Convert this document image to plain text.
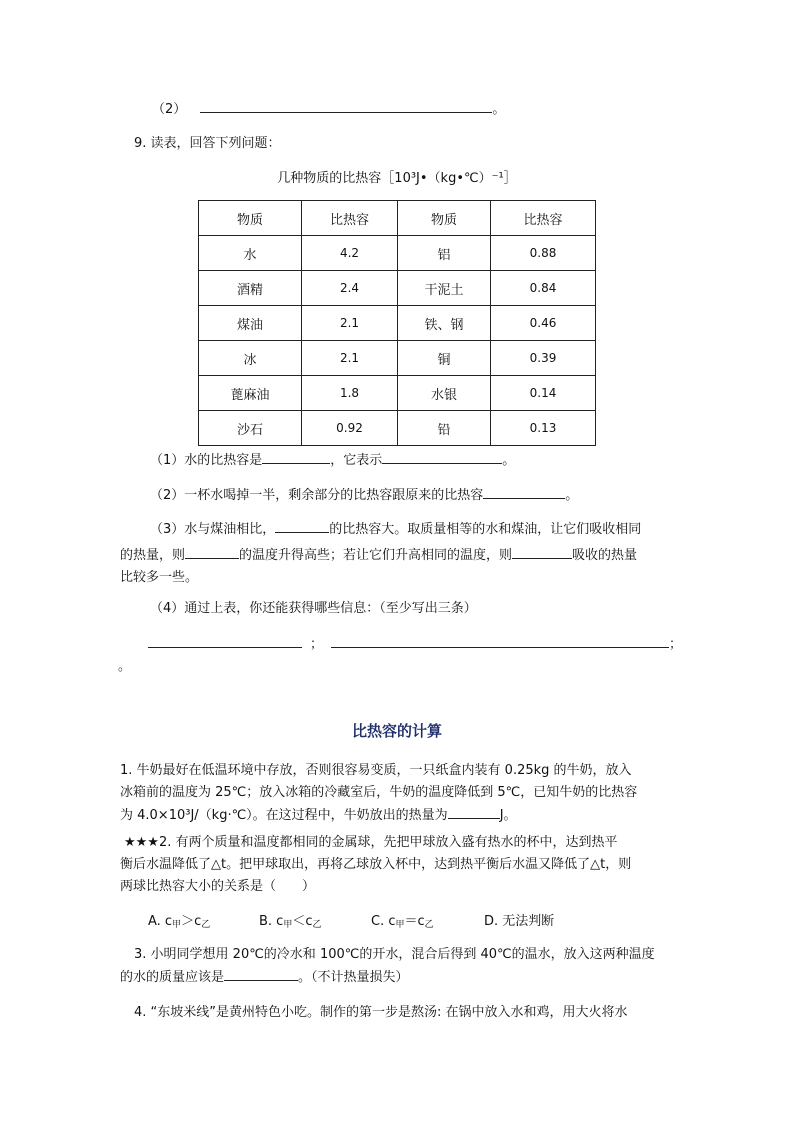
（2）	。
9. 读表，回答下列问题：
几种物质的比热容［10³J•（kg•℃）⁻¹］
物质	比热容	物质	比热容
水	4.2	铝	0.88
酒精	2.4	干泥土	0.84
煤油	2.1	铁、钢	0.46
冰	2.1	铜	0.39
蓖麻油	1.8	水银	0.14
沙石	0.92	铅	0.13
（1）水的比热容是	，它表示	。
（2）一杯水喝掉一半，剩余部分的比热容跟原来的比热容	。
（3）水与煤油相比，	的比热容大。取质量相等的水和煤油，让它们吸收相同
的热量，则	的温度升得高些；若让它们升高相同的温度，则	吸收的热量
比较多一些。
（4）通过上表，你还能获得哪些信息：（至少写出三条）
；	；
。
比热容的计算
1. 牛奶最好在低温环境中存放，否则很容易变质，一只纸盒内装有 0.25kg 的牛奶，放入
冰箱前的温度为 25℃；放入冰箱的冷藏室后，牛奶的温度降低到 5℃，已知牛奶的比热容
为 4.0×10³J/（kg·℃）。在这过程中，牛奶放出的热量为	J。
★★★2. 有两个质量和温度都相同的金属球，先把甲球放入盛有热水的杯中，达到热平
衡后水温降低了△t。把甲球取出，再将乙球放入杯中，达到热平衡后水温又降低了△t，则
两球比热容大小的关系是（　　）
A. $c_甲>c_乙$	B. $c_甲<c_乙$	C. $c_甲=c_乙$	D. 无法判断
3. 小明同学想用 20℃的冷水和 100℃的开水，混合后得到 40℃的温水，放入这两种温度
的水的质量应该是	。（不计热量损失）
4. “东坡米线”是黄州特色小吃。制作的第一步是熬汤: 在锅中放入水和鸡，用大火将水
